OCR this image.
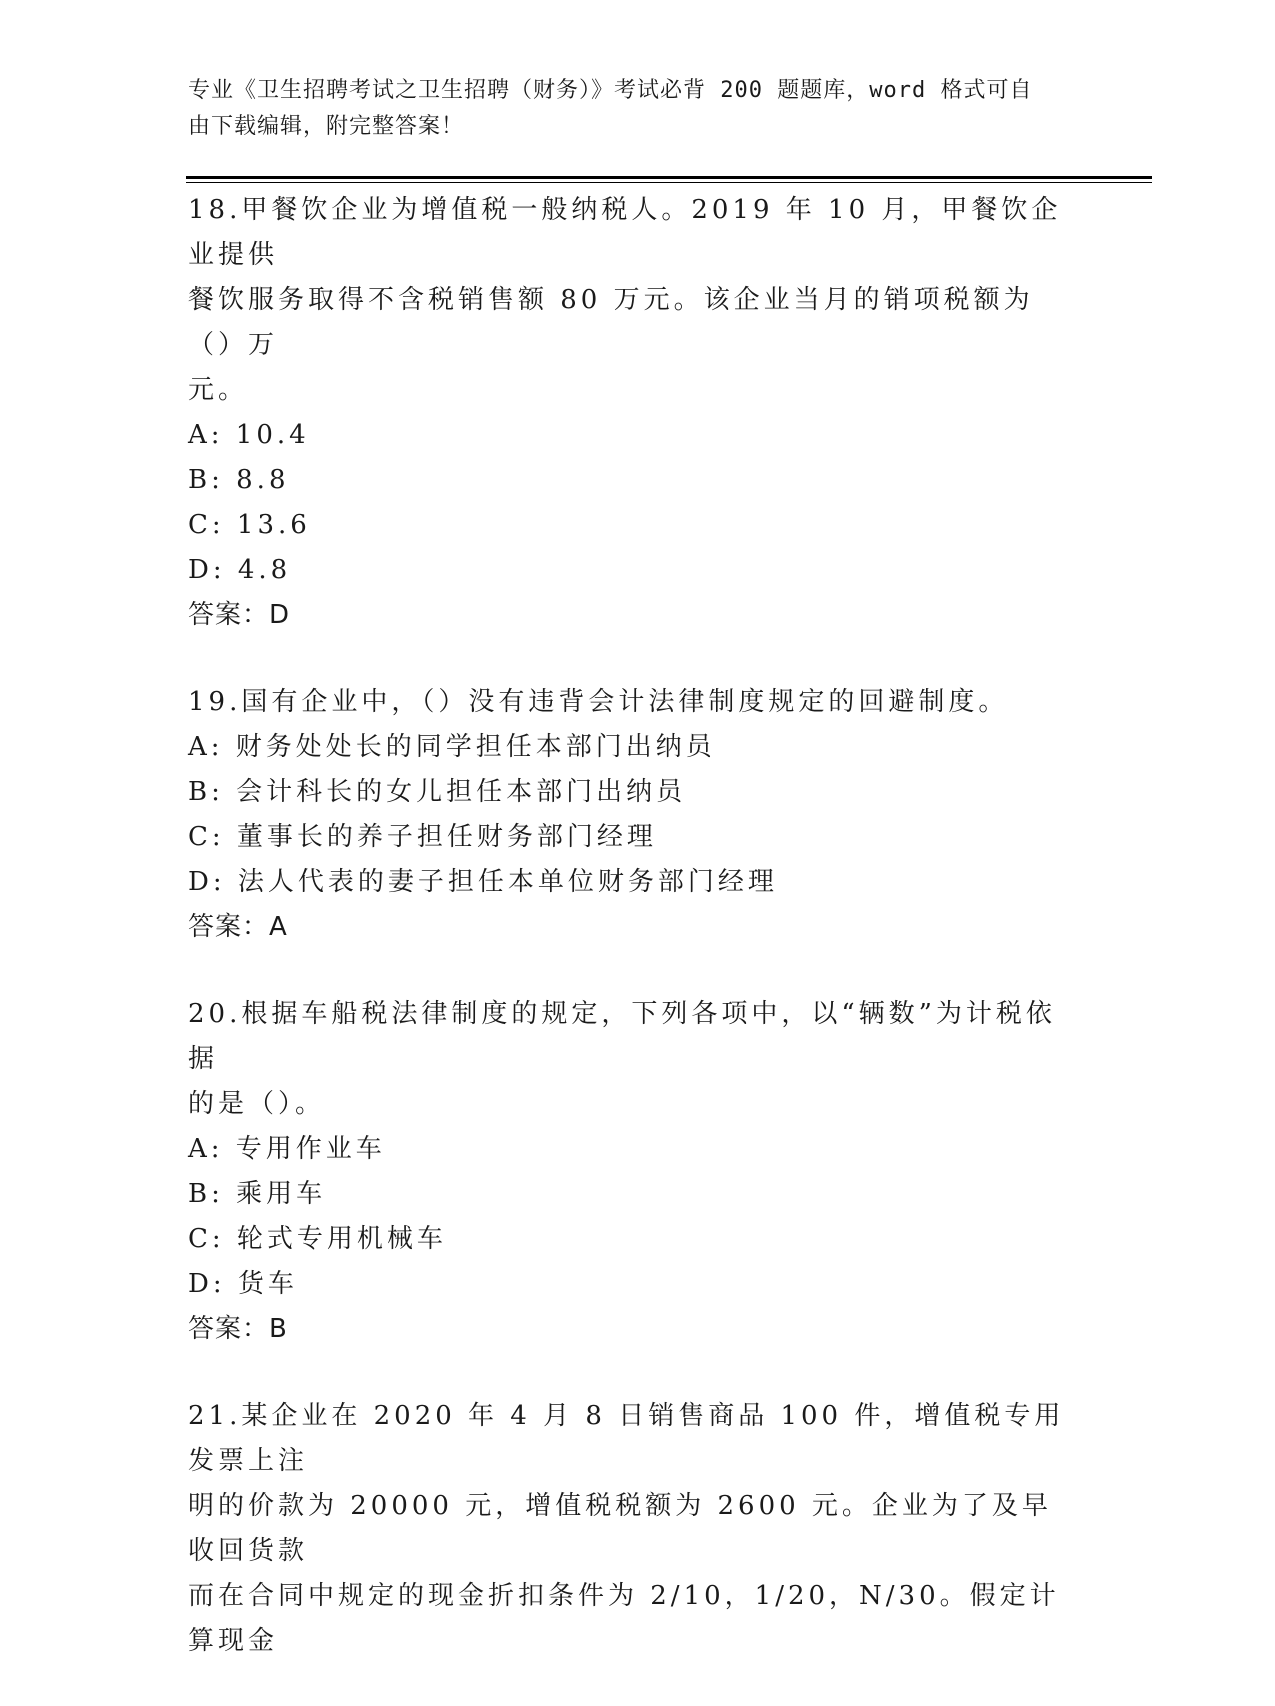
专业《卫生招聘考试之卫生招聘（财务）》考试必背 200 题题库，word 格式可自
由下载编辑，附完整答案！

18.甲餐饮企业为增值税一般纳税人。2019 年 10 月，甲餐饮企业提供

餐饮服务取得不含税销售额 80 万元。该企业当月的销项税额为（）万

元。

A: 10.4

B: 8.8

C: 13.6

D: 4.8

答案：D

19.国有企业中，（）没有违背会计法律制度规定的回避制度。

A: 财务处处长的同学担任本部门出纳员

B: 会计科长的女儿担任本部门出纳员

C: 董事长的养子担任财务部门经理

D: 法人代表的妻子担任本单位财务部门经理

答案：A

20.根据车船税法律制度的规定，下列各项中，以“辆数”为计税依据

的是（）。

A: 专用作业车

B: 乘用车

C: 轮式专用机械车

D: 货车

答案：B

21.某企业在 2020 年 4 月 8 日销售商品 100 件，增值税专用发票上注

明的价款为 20000 元，增值税税额为 2600 元。企业为了及早收回货款

而在合同中规定的现金折扣条件为 2/10，1/20，N/30。假定计算现金
